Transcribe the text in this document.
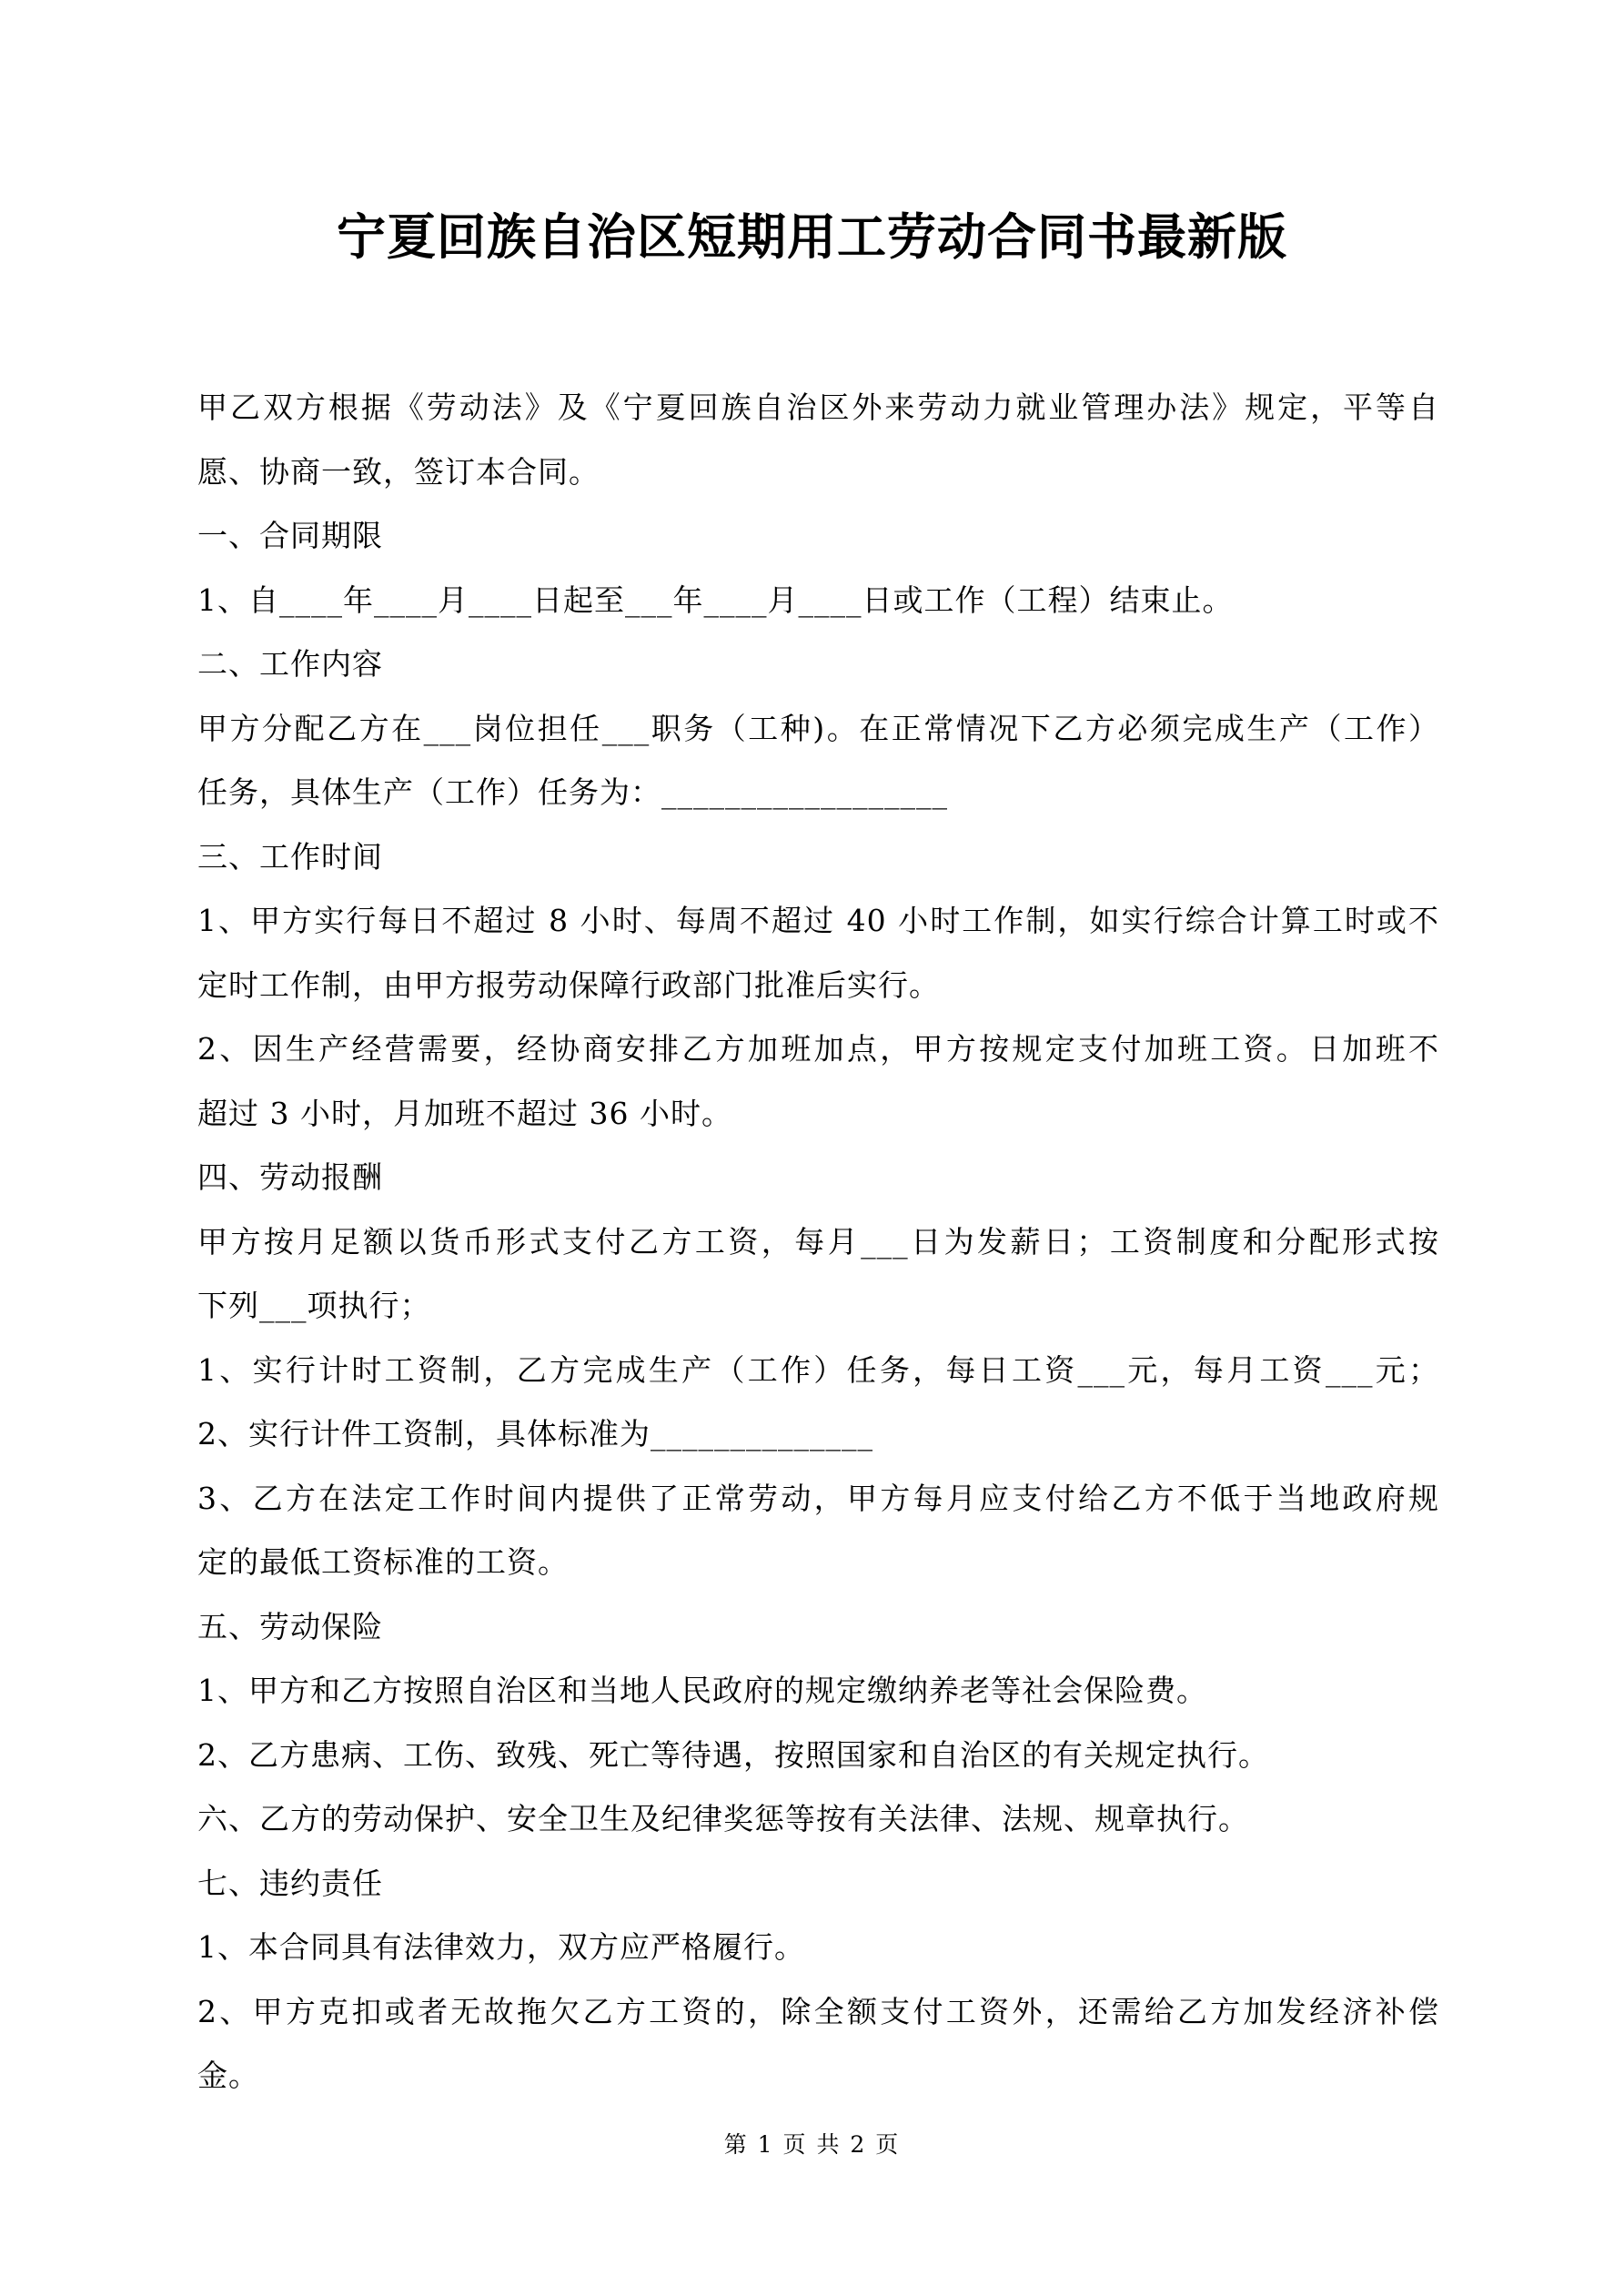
宁夏回族自治区短期用工劳动合同书最新版
甲乙双方根据《劳动法》及《宁夏回族自治区外来劳动力就业管理办法》规定，平等自
愿、协商一致，签订本合同。
一、合同期限
1、自____年____月____日起至___年____月____日或工作（工程）结束止。
二、工作内容
甲方分配乙方在___岗位担任___职务（工种)。在正常情况下乙方必须完成生产（工作）
任务，具体生产（工作）任务为：__________________
三、工作时间
1、甲方实行每日不超过 8 小时、每周不超过 40 小时工作制，如实行综合计算工时或不
定时工作制，由甲方报劳动保障行政部门批准后实行。
2、因生产经营需要，经协商安排乙方加班加点，甲方按规定支付加班工资。日加班不
超过 3 小时，月加班不超过 36 小时。
四、劳动报酬
甲方按月足额以货币形式支付乙方工资，每月___日为发薪日；工资制度和分配形式按
下列___项执行；
1、实行计时工资制，乙方完成生产（工作）任务，每日工资___元，每月工资___元；
2、实行计件工资制，具体标准为______________
3、乙方在法定工作时间内提供了正常劳动，甲方每月应支付给乙方不低于当地政府规
定的最低工资标准的工资。
五、劳动保险
1、甲方和乙方按照自治区和当地人民政府的规定缴纳养老等社会保险费。
2、乙方患病、工伤、致残、死亡等待遇，按照国家和自治区的有关规定执行。
六、乙方的劳动保护、安全卫生及纪律奖惩等按有关法律、法规、规章执行。
七、违约责任
1、本合同具有法律效力，双方应严格履行。
2、甲方克扣或者无故拖欠乙方工资的，除全额支付工资外，还需给乙方加发经济补偿
金。
第 1 页 共 2 页
